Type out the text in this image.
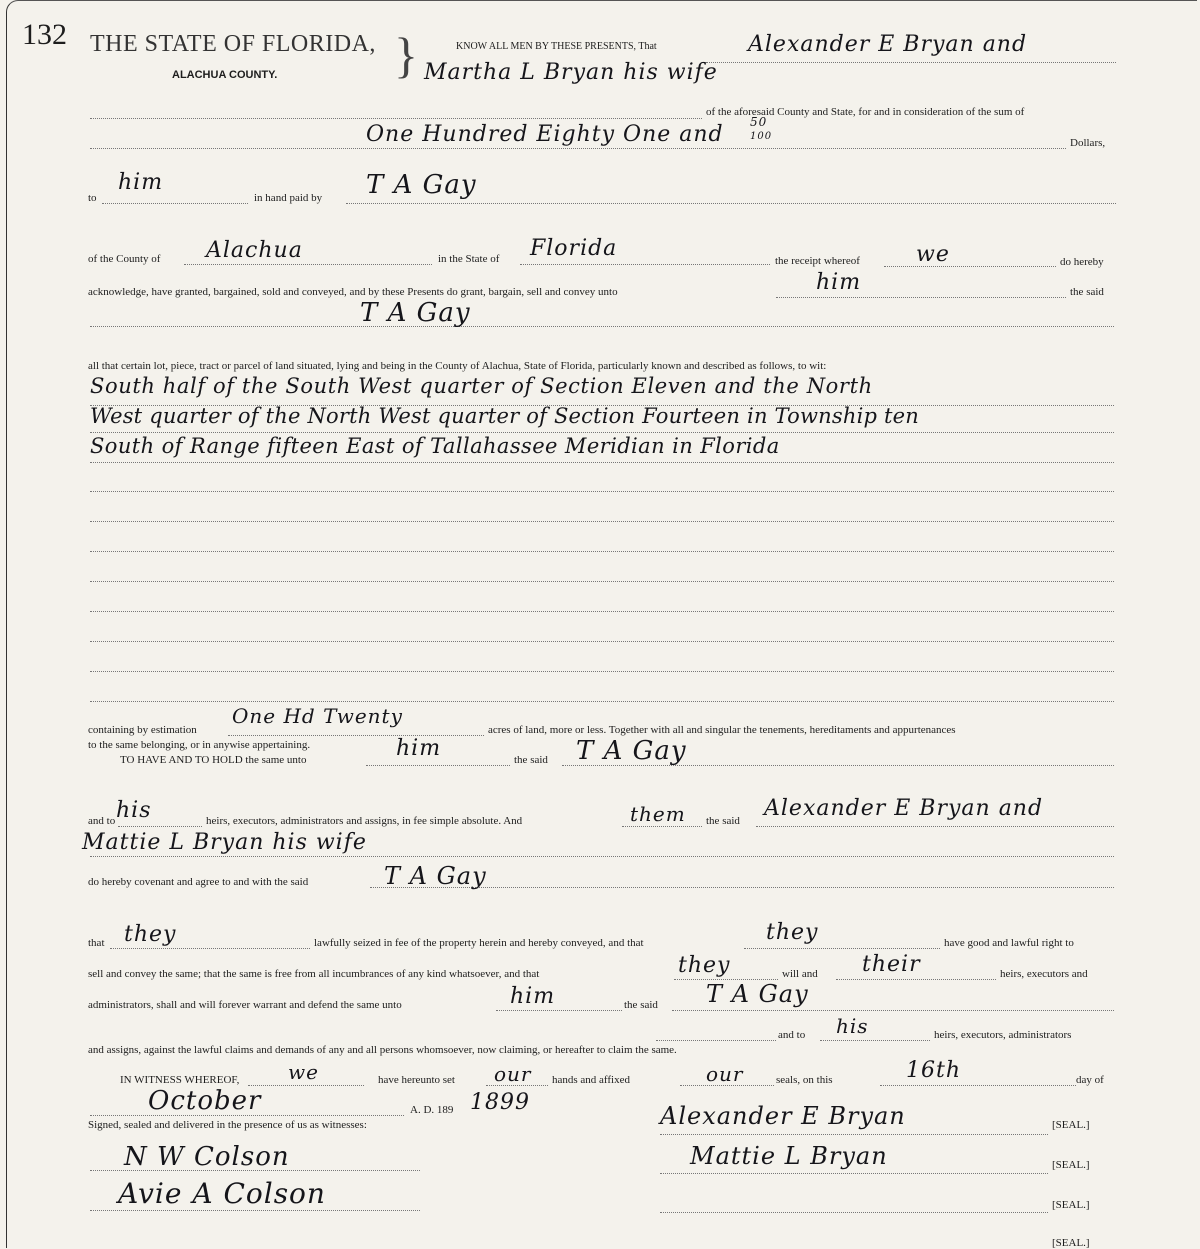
132 THE STATE OF FLORIDA,
ALACHUA COUNTY. }	KNOW ALL MEN BY THESE PRESENTS, That	Alexander E Bryan and
Martha L Bryan his wife
of the aforesaid County and State, for and in consideration of the sum of
One Hundred Eighty One and 50
100
Dollars,
to
him
in hand paid by T A Gay
of the County of Alachua	in the State of Florida	the receipt whereof	we	do hereby
acknowledge, have granted, bargained, sold and conveyed, and by these Presents do grant, bargain, sell and convey unto	him	the said
T A Gay
all that certain lot, piece, tract or parcel of land situated, lying and being in the County of Alachua, State of Florida, particularly known and described as follows, to wit:
South half of the South West quarter of Section Eleven and the North
West quarter of the North West quarter of Section Fourteen in Township ten
South of Range fifteen East of Tallahassee Meridian in Florida
containing by estimation
One Hd Twenty
acres of land, more or less. Together with all and singular the tenements, hereditaments and appurtenances
to the same belonging, or in anywise appertaining.
TO HAVE AND TO HOLD the same unto	him	the said T A Gay
and to his	heirs, executors, administrators and assigns, in fee simple absolute. And	them the said Alexander E Bryan and
Mattie L Bryan his wife
do hereby covenant and agree to and with the said	T A Gay
that they	lawfully seized in fee of the property herein and hereby conveyed, and that	they	have good and lawful right to
sell and convey the same; that the same is free from all incumbrances of any kind whatsoever, and that	they	will and their	heirs, executors and
administrators, shall and will forever warrant and defend the same unto	him	the said T A Gay
and to his	heirs, executors, administrators
and assigns, against the lawful claims and demands of any and all persons whomsoever, now claiming, or hereafter to claim the same.
IN WITNESS WHEREOF, we	have hereunto set our hands and affixed	our	seals, on this	16th	day of
October	A. D. 189 1899
Signed, sealed and delivered in the presence of us as witnesses:
N W Colson
Avie A Colson
Alexander E Bryan	[SEAL.]
Mattie L Bryan	[SEAL.]
[SEAL.]
[SEAL.]
